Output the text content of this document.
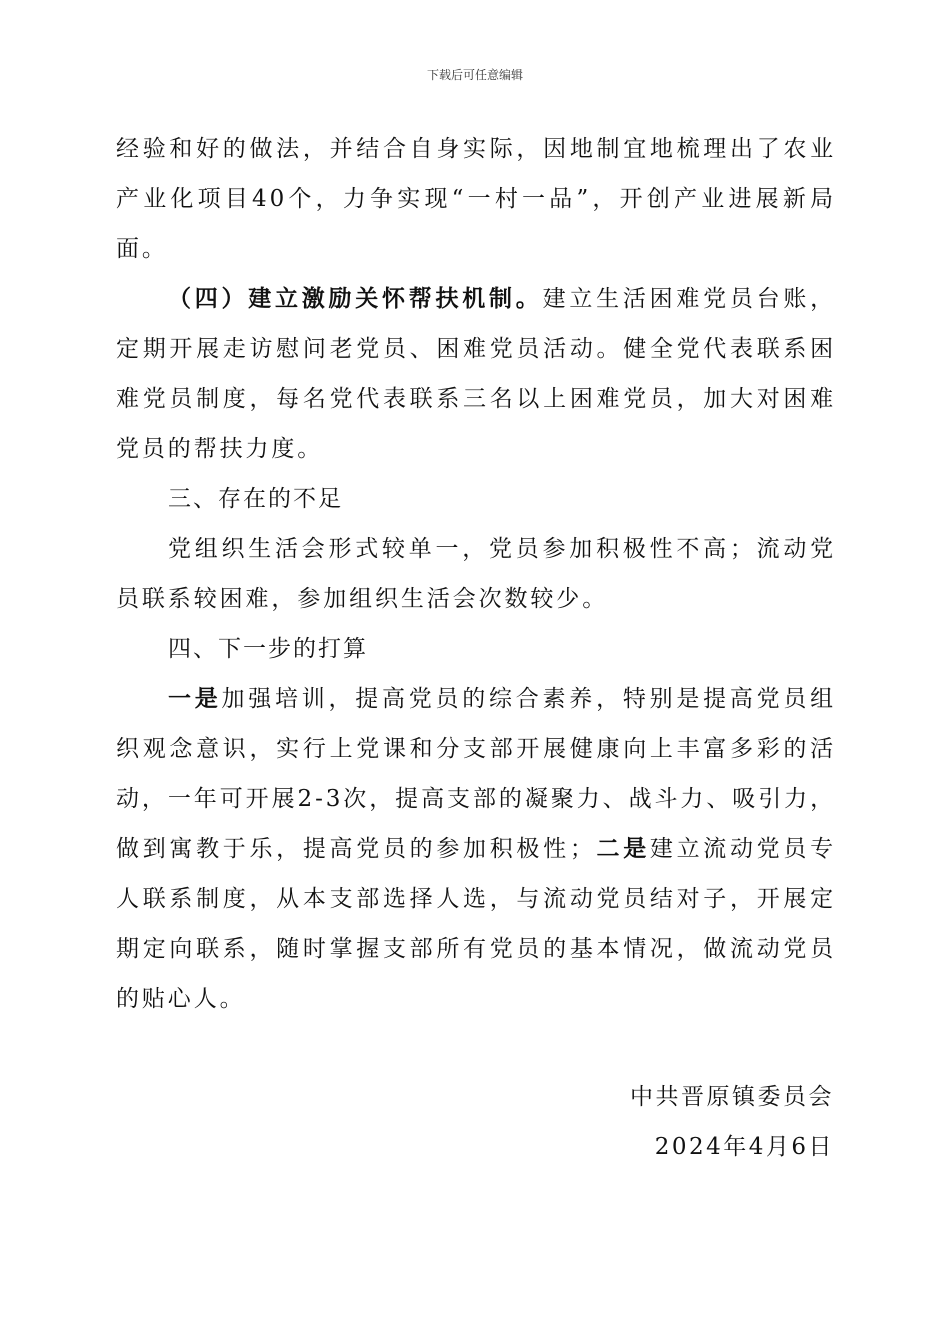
下载后可任意编辑

经验和好的做法，并结合自身实际，因地制宜地梳理出了农业产业化项目40个，力争实现“一村一品”，开创产业进展新局面。

（四）建立激励关怀帮扶机制。建立生活困难党员台账，定期开展走访慰问老党员、困难党员活动。健全党代表联系困难党员制度，每名党代表联系三名以上困难党员，加大对困难党员的帮扶力度。

三、存在的不足

党组织生活会形式较单一，党员参加积极性不高；流动党员联系较困难，参加组织生活会次数较少。

四、下一步的打算

一是加强培训，提高党员的综合素养，特别是提高党员组织观念意识，实行上党课和分支部开展健康向上丰富多彩的活动，一年可开展2-3次，提高支部的凝聚力、战斗力、吸引力，做到寓教于乐，提高党员的参加积极性；二是建立流动党员专人联系制度，从本支部选择人选，与流动党员结对子，开展定期定向联系，随时掌握支部所有党员的基本情况，做流动党员的贴心人。

中共晋原镇委员会
2024年4月6日
